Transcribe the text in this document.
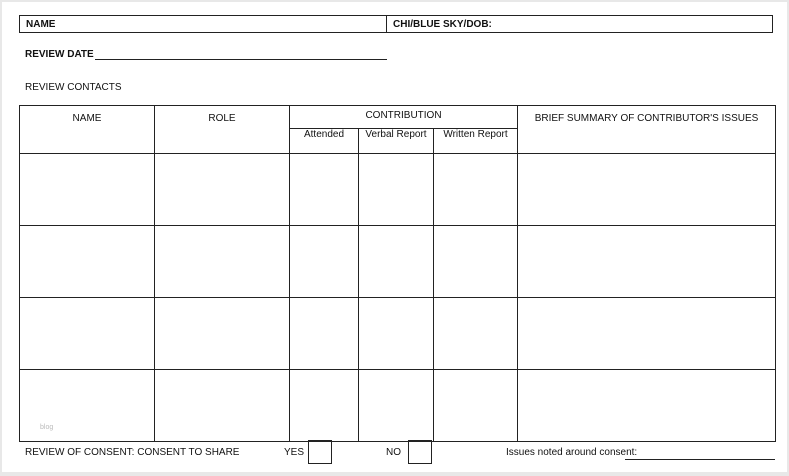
NAME	CHI/BLUE SKY/DOB:
REVIEW DATE
REVIEW CONTACTS
NAME	ROLE	CONTRIBUTION			BRIEF SUMMARY OF CONTRIBUTOR'S ISSUES
		Attended	Verbal Report	Written Report	

blog
REVIEW OF CONSENT: CONSENT TO SHARE	YES	NO	Issues noted around consent:
